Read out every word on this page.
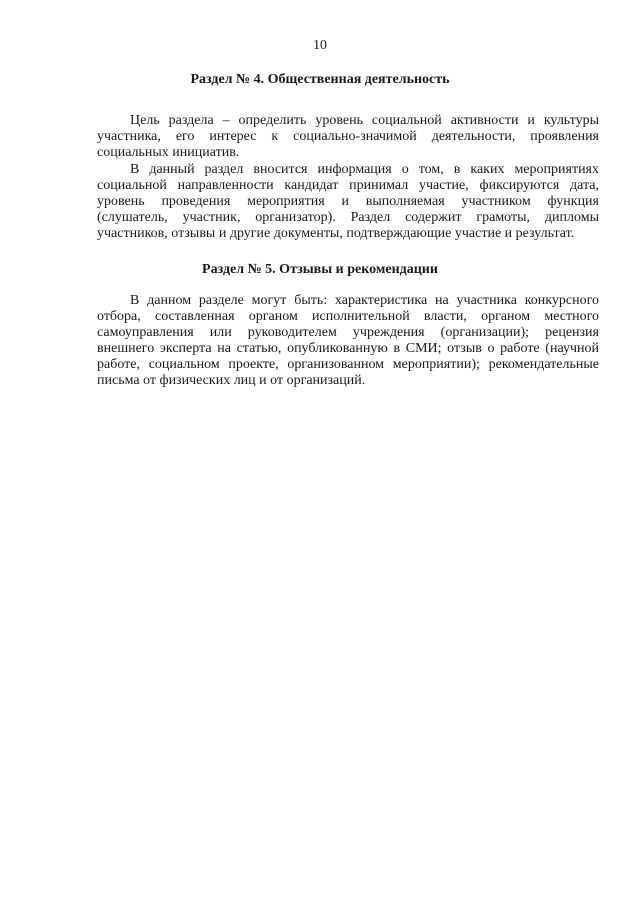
10
Раздел № 4. Общественная деятельность
Цель раздела – определить уровень социальной активности и культуры
участника, его интерес к социально-значимой деятельности, проявления
социальных инициатив.
В данный раздел вносится информация о том, в каких мероприятиях
социальной направленности кандидат принимал участие, фиксируются дата,
уровень проведения мероприятия и выполняемая участником функция
(слушатель, участник, организатор). Раздел содержит грамоты, дипломы
участников, отзывы и другие документы, подтверждающие участие и результат.
Раздел № 5. Отзывы и рекомендации
В данном разделе могут быть: характеристика на участника конкурсного
отбора, составленная органом исполнительной власти, органом местного
самоуправления или руководителем учреждения (организации); рецензия
внешнего эксперта на статью, опубликованную в СМИ; отзыв о работе (научной
работе, социальном проекте, организованном мероприятии); рекомендательные
письма от физических лиц и от организаций.
